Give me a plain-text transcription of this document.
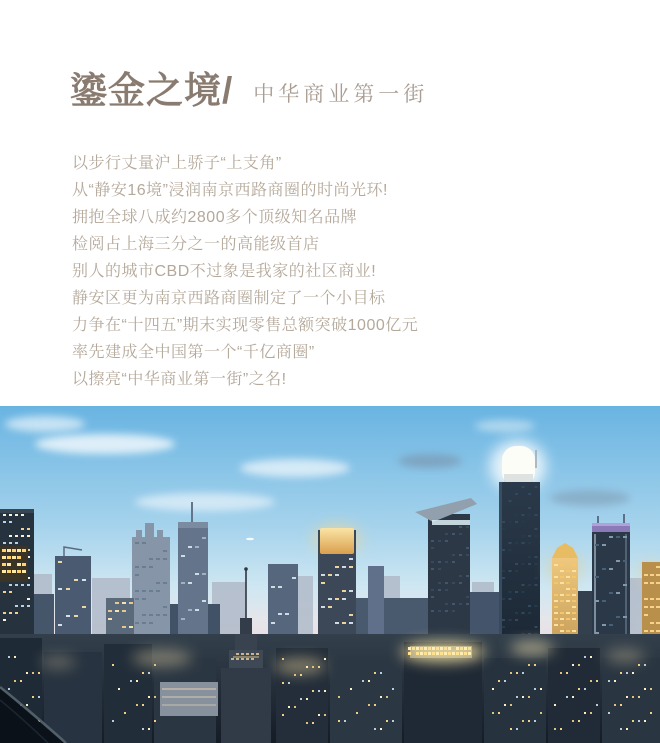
鎏金之境/ 中华商业第一街

以步行丈量沪上骄子“上支角”

从“静安16境”浸润南京西路商圈的时尚光环!

拥抱全球八成约2800多个顶级知名品牌

检阅占上海三分之一的高能级首店

别人的城市CBD不过象是我家的社区商业!

静安区更为南京西路商圈制定了一个小目标

力争在“十四五”期末实现零售总额突破1000亿元

率先建成全中国第一个“千亿商圈”

以擦亮“中华商业第一街”之名!
